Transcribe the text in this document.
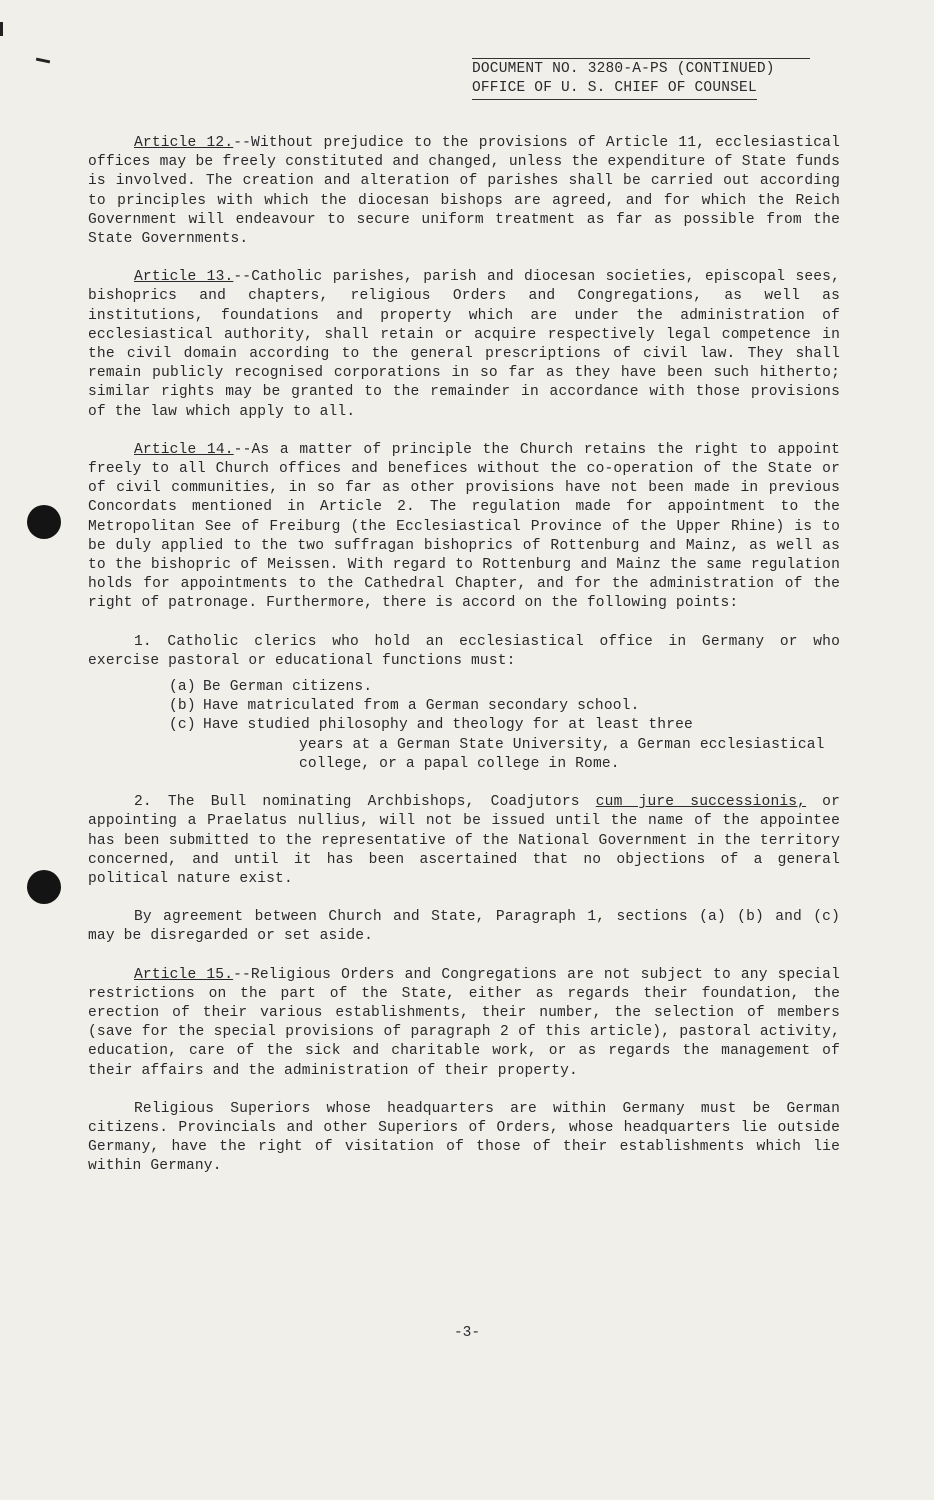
DOCUMENT NO. 3280-A-PS (CONTINUED)
OFFICE OF U. S. CHIEF OF COUNSEL

Article 12.--Without prejudice to the provisions of Article 11, ecclesiastical offices may be freely constituted and changed, unless the expenditure of State funds is involved. The creation and alteration of parishes shall be carried out according to principles with which the diocesan bishops are agreed, and for which the Reich Government will endeavour to secure uniform treatment as far as possible from the State Governments.

Article 13.--Catholic parishes, parish and diocesan societies, episcopal sees, bishoprics and chapters, religious Orders and Congregations, as well as institutions, foundations and property which are under the administration of ecclesiastical authority, shall retain or acquire respectively legal competence in the civil domain according to the general prescriptions of civil law. They shall remain publicly recognised corporations in so far as they have been such hitherto; similar rights may be granted to the remainder in accordance with those provisions of the law which apply to all.

Article 14.--As a matter of principle the Church retains the right to appoint freely to all Church offices and benefices without the co-operation of the State or of civil communities, in so far as other provisions have not been made in previous Concordats mentioned in Article 2. The regulation made for appointment to the Metropolitan See of Freiburg (the Ecclesiastical Province of the Upper Rhine) is to be duly applied to the two suffragan bishoprics of Rottenburg and Mainz, as well as to the bishopric of Meissen. With regard to Rottenburg and Mainz the same regulation holds for appointments to the Cathedral Chapter, and for the administration of the right of patronage. Furthermore, there is accord on the following points:

1. Catholic clerics who hold an ecclesiastical office in Germany or who exercise pastoral or educational functions must:

(a) Be German citizens.
(b) Have matriculated from a German secondary school.
(c) Have studied philosophy and theology for at least three
years at a German State University, a German ecclesiastical college, or a papal college in Rome.

2. The Bull nominating Archbishops, Coadjutors cum jure successionis, or appointing a Praelatus nullius, will not be issued until the name of the appointee has been submitted to the representative of the National Government in the territory concerned, and until it has been ascertained that no objections of a general political nature exist.

By agreement between Church and State, Paragraph 1, sections (a) (b) and (c) may be disregarded or set aside.

Article 15.--Religious Orders and Congregations are not subject to any special restrictions on the part of the State, either as regards their foundation, the erection of their various establishments, their number, the selection of members (save for the special provisions of paragraph 2 of this article), pastoral activity, education, care of the sick and charitable work, or as regards the management of their affairs and the administration of their property.

Religious Superiors whose headquarters are within Germany must be German citizens. Provincials and other Superiors of Orders, whose headquarters lie outside Germany, have the right of visitation of those of their establishments which lie within Germany.

-3-
